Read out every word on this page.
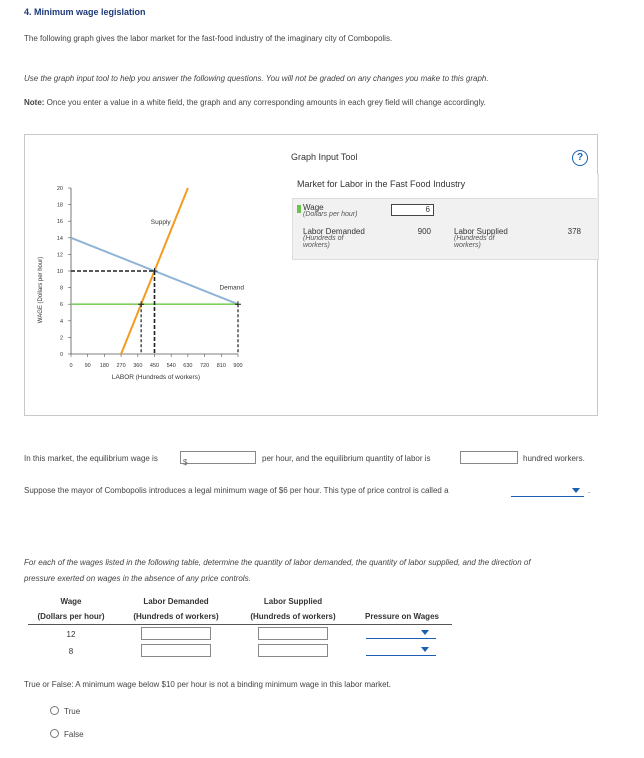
4. Minimum wage legislation
The following graph gives the labor market for the fast-food industry of the imaginary city of Combopolis.
Use the graph input tool to help you answer the following questions. You will not be graded on any changes you make to this graph.
Note: Once you enter a value in a white field, the graph and any corresponding amounts in each grey field will change accordingly.
WAGE (Dollars per hour)
LABOR (Hundreds of workers)
0
2
4
6
8
10
12
14
16
18
20
0 90 180 270 360 450 540 630 720 810 900
Supply
Demand
Graph Input Tool	?
Market for Labor in the Fast Food Industry
Wage
(Dollars per hour)
6
Labor Demanded
(Hundreds of
workers)
900	Labor Supplied
(Hundreds of
workers)
378
In this market, the equilibrium wage is	$	per hour, and the equilibrium quantity of labor is	hundred workers.
Suppose the mayor of Combopolis introduces a legal minimum wage of $6 per hour. This type of price control is called a	.
For each of the wages listed in the following table, determine the quantity of labor demanded, the quantity of labor supplied, and the direction of
pressure exerted on wages in the absence of any price controls.
Wage	Labor Demanded	Labor Supplied
(Dollars per hour)	(Hundreds of workers)	(Hundreds of workers)	Pressure on Wages
12
8
True or False: A minimum wage below $10 per hour is not a binding minimum wage in this labor market.
True
False
